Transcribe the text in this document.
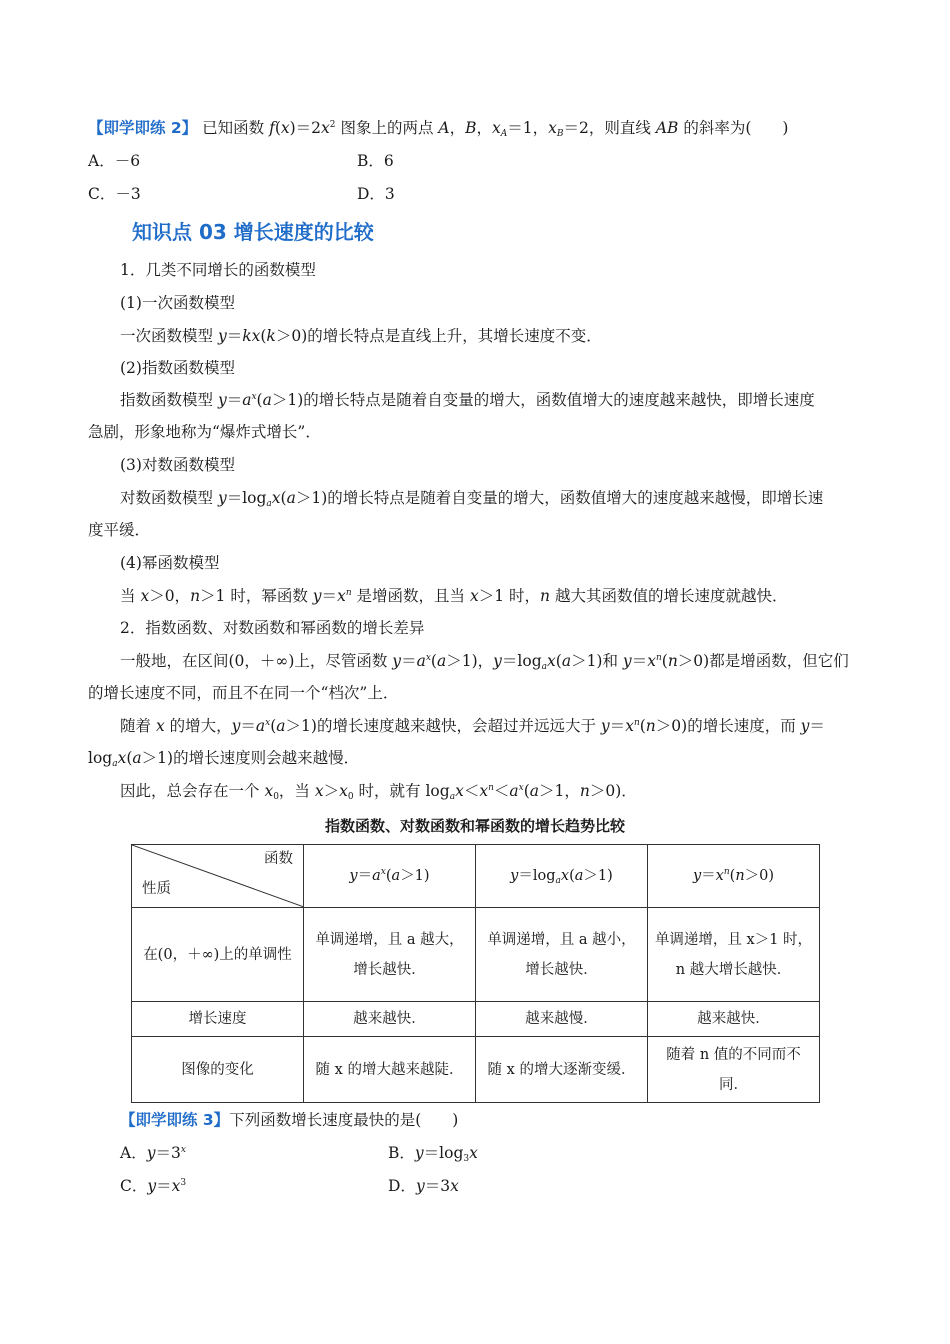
【即学即练 2】 已知函数 $f(x)=2x^2$ 图象上的两点 A，B，$x_A=1$，$x_B=2$，则直线 AB 的斜率为(　　)
A．－6	B．6
C．－3	D．3
知识点 03 增长速度的比较
1．几类不同增长的函数模型
(1)一次函数模型
一次函数模型 y＝kx(k＞0)的增长特点是直线上升，其增长速度不变．
(2)指数函数模型
指数函数模型 $y=a^x(a>1)$的增长特点是随着自变量的增大，函数值增大的速度越来越快，即增长速度
急剧，形象地称为“爆炸式增长”．
(3)对数函数模型
对数函数模型 $y=\log_ax(a>1)$的增长特点是随着自变量的增大，函数值增大的速度越来越慢，即增长速
度平缓．
(4)幂函数模型
当 x＞0，n＞1 时，幂函数 $y=x^n$ 是增函数，且当 x＞1 时，n 越大其函数值的增长速度就越快．
2．指数函数、对数函数和幂函数的增长差异
一般地，在区间(0，＋∞)上，尽管函数 $y=a^x(a>1)$，$y=\log_ax(a>1)$和 $y=x^n(n>0)$都是增函数，但它们
的增长速度不同，而且不在同一个“档次”上．
随着 x 的增大，$y=a^x(a>1)$的增长速度越来越快，会超过并远远大于 $y=x^n(n>0)$的增长速度，而 y＝
$\log_ax(a>1)$的增长速度则会越来越慢．
因此，总会存在一个 $x_0$，当 $x>x_0$ 时，就有 $\log_ax<x^n<a^x(a>1$，n＞0)．
指数函数、对数函数和幂函数的增长趋势比较
函数
性质	$y=a^x(a>1)$	$y=\log_ax(a>1)$	$y=x^n(n>0)$
在(0，＋∞)上的单调性	单调递增，且 a 越大，增长越快．	单调递增，且 a 越小，增长越快．	单调递增，且 x＞1 时，n 越大增长越快．
增长速度	越来越快．	越来越慢．	越来越快．
图像的变化	随 x 的增大越来越陡．	随 x 的增大逐渐变缓．	随着 n 值的不同而不同．
【即学即练 3】下列函数增长速度最快的是(　　)
A．$y=3^x$	B．$y=\log_3x$
C．$y=x^3$	D．y＝3x
